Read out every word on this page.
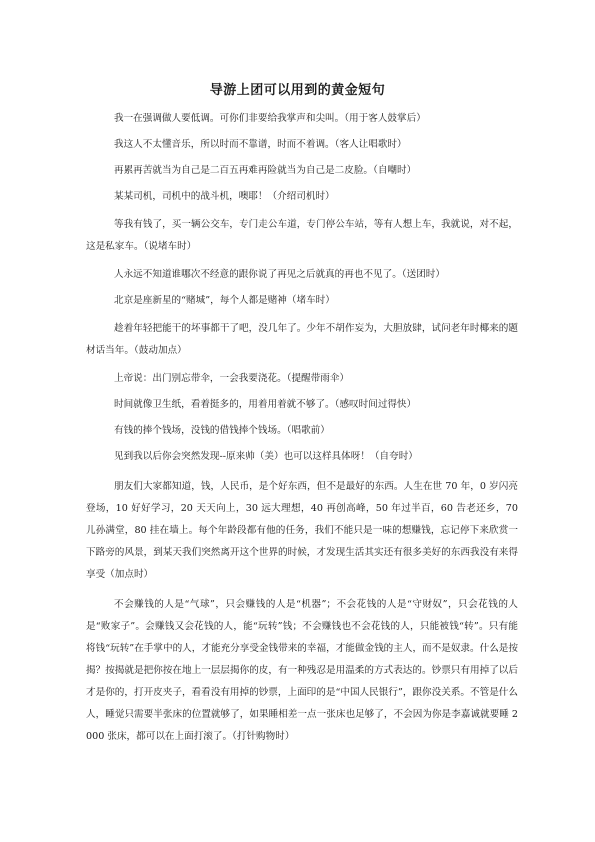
导游上团可以用到的黄金短句

我一在强调做人要低调。可你们非要给我掌声和尖叫。（用于客人鼓掌后）

我这人不太懂音乐，所以时而不靠谱，时而不着调。（客人让唱歌时）

再累再苦就当为自己是二百五再难再险就当为自己是二皮脸。（自嘲时）

某某司机，司机中的战斗机，噢耶！（介绍司机时）

等我有钱了，买一辆公交车，专门走公车道，专门停公车站，等有人想上车，我就说，对不起，这是私家车。（说堵车时）

人永远不知道谁哪次不经意的跟你说了再见之后就真的再也不见了。（送团时）

北京是座新星的“赌城”，每个人都是赌神（堵车时）

趁着年轻把能干的坏事都干了吧，没几年了。少年不胡作妄为，大胆放肆，试问老年时椰来的题材话当年。（鼓动加点）

上帝说：出门别忘带伞，一会我要浇花。（提醒带雨伞）

时间就像卫生纸，看着挺多的，用着用着就不够了。（感叹时间过得快）

有钱的捧个钱场，没钱的借钱捧个钱场。（唱歌前）

见到我以后你会突然发现--原来帅（美）也可以这样具体呀！（自夸时）

朋友们大家都知道，钱，人民币，是个好东西，但不是最好的东西。人生在世 70 年，0 岁闪亮登场，10 好好学习，20 天天向上，30 远大理想，40 再创高峰，50 年过半百，60 告老还乡，70 儿孙满堂，80 挂在墙上。每个年龄段都有他的任务，我们不能只是一味的想赚钱，忘记停下来欣赏一下路旁的风景，到某天我们突然离开这个世界的时候，才发现生活其实还有很多美好的东西我没有来得享受（加点时）

不会赚钱的人是“气球”，只会赚钱的人是“机器”；不会花钱的人是“守财奴”，只会花钱的人是“败家子”。会赚钱又会花钱的人，能“玩转”钱；不会赚钱也不会花钱的人，只能被钱“转”。只有能将钱“玩转”在手掌中的人，才能充分享受金钱带来的幸福，才能做金钱的主人，而不是奴隶。什么是按揭？按揭就是把你按在地上一层层揭你的皮，有一种残忍是用温柔的方式表达的。钞票只有用掉了以后才是你的，打开皮夹子，看看没有用掉的钞票，上面印的是“中国人民银行”，跟你没关系。不管是什么人，睡觉只需要半张床的位置就够了，如果睡相差一点一张床也足够了，不会因为你是李嘉诚就要睡 2000 张床，都可以在上面打滚了。（打针购物时）
